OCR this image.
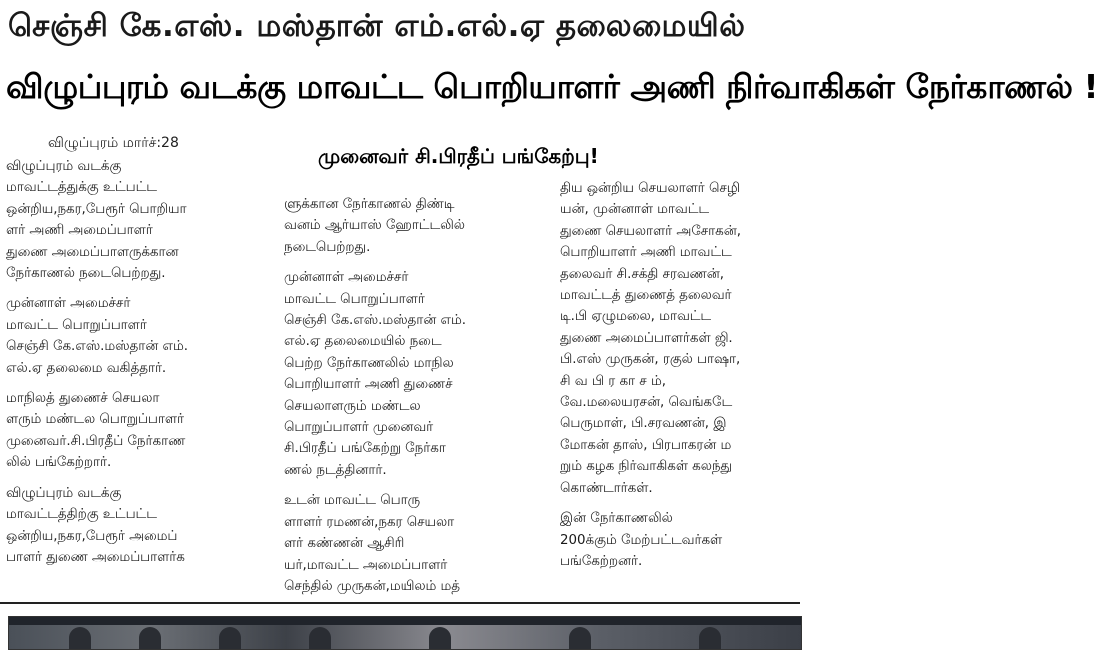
செஞ்சி கே.எஸ். மஸ்தான் எம்.எல்.ஏ தலைமையில்
விழுப்புரம் வடக்கு மாவட்ட பொறியாளர் அணி நிர்வாகிகள் நேர்காணல் !
விழுப்புரம் மார்ச்:28
முனைவர் சி.பிரதீப் பங்கேற்பு!

விழுப்புரம் வடக்கு
மாவட்டத்துக்கு உட்பட்ட
ஒன்றிய,நகர,பேரூர் பொறியா
ளர் அணி அமைப்பாளர்
துணை அமைப்பாளருக்கான
நேர்காணல் நடைபெற்றது.

முன்னாள் அமைச்சர்
மாவட்ட பொறுப்பாளர்
செஞ்சி கே.எஸ்.மஸ்தான் எம்.
எல்.ஏ தலைமை வகித்தார்.

மாநிலத் துணைச் செயலா
ளரும் மண்டல பொறுப்பாளர்
முனைவர்.சி.பிரதீப் நேர்காண
லில் பங்கேற்றார்.

விழுப்புரம் வடக்கு
மாவட்டத்திற்கு உட்பட்ட
ஒன்றிய,நகர,பேரூர் அமைப்
பாளர் துணை அமைப்பாளர்க

ளுக்கான நேர்காணல் திண்டி
வனம் ஆர்யாஸ் ஹோட்டலில்
நடைபெற்றது.

முன்னாள் அமைச்சர்
மாவட்ட பொறுப்பாளர்
செஞ்சி கே.எஸ்.மஸ்தான் எம்.
எல்.ஏ தலைமையில் நடை
பெற்ற நேர்காணலில் மாநில
பொறியாளர் அணி துணைச்
செயலாளரும் மண்டல
பொறுப்பாளர் முனைவர்
சி.பிரதீப் பங்கேற்று நேர்கா
ணல் நடத்தினார்.

உடன் மாவட்ட பொரு
ளாளர் ரமணன்,நகர செயலா
ளர் கண்ணன் ஆசிரி
யர்,மாவட்ட அமைப்பாளர்
செந்தில் முருகன்,மயிலம் மத்

திய ஒன்றிய செயலாளர் செழி
யன், முன்னாள் மாவட்ட
துணை செயலாளர் அசோகன்,
பொறியாளர் அணி மாவட்ட
தலைவர் சி.சக்தி சரவணன்,
மாவட்டத் துணைத் தலைவர்
டி.பி ஏழுமலை, மாவட்ட
துணை அமைப்பாளர்கள் ஜி.
பி.எஸ் முருகன், ரகுல் பாஷா,
சி வ பி ர கா ச ம்,
வே.மலையரசன், வெங்கடே
பெருமாள், பி.சரவணன், இ
மோகன் தாஸ், பிரபாகரன் ம
றும் கழக நிர்வாகிகள் கலந்து
கொண்டார்கள்.

இன் நேர்காணலில்
200க்கும் மேற்பட்டவர்கள்
பங்கேற்றனர்.
